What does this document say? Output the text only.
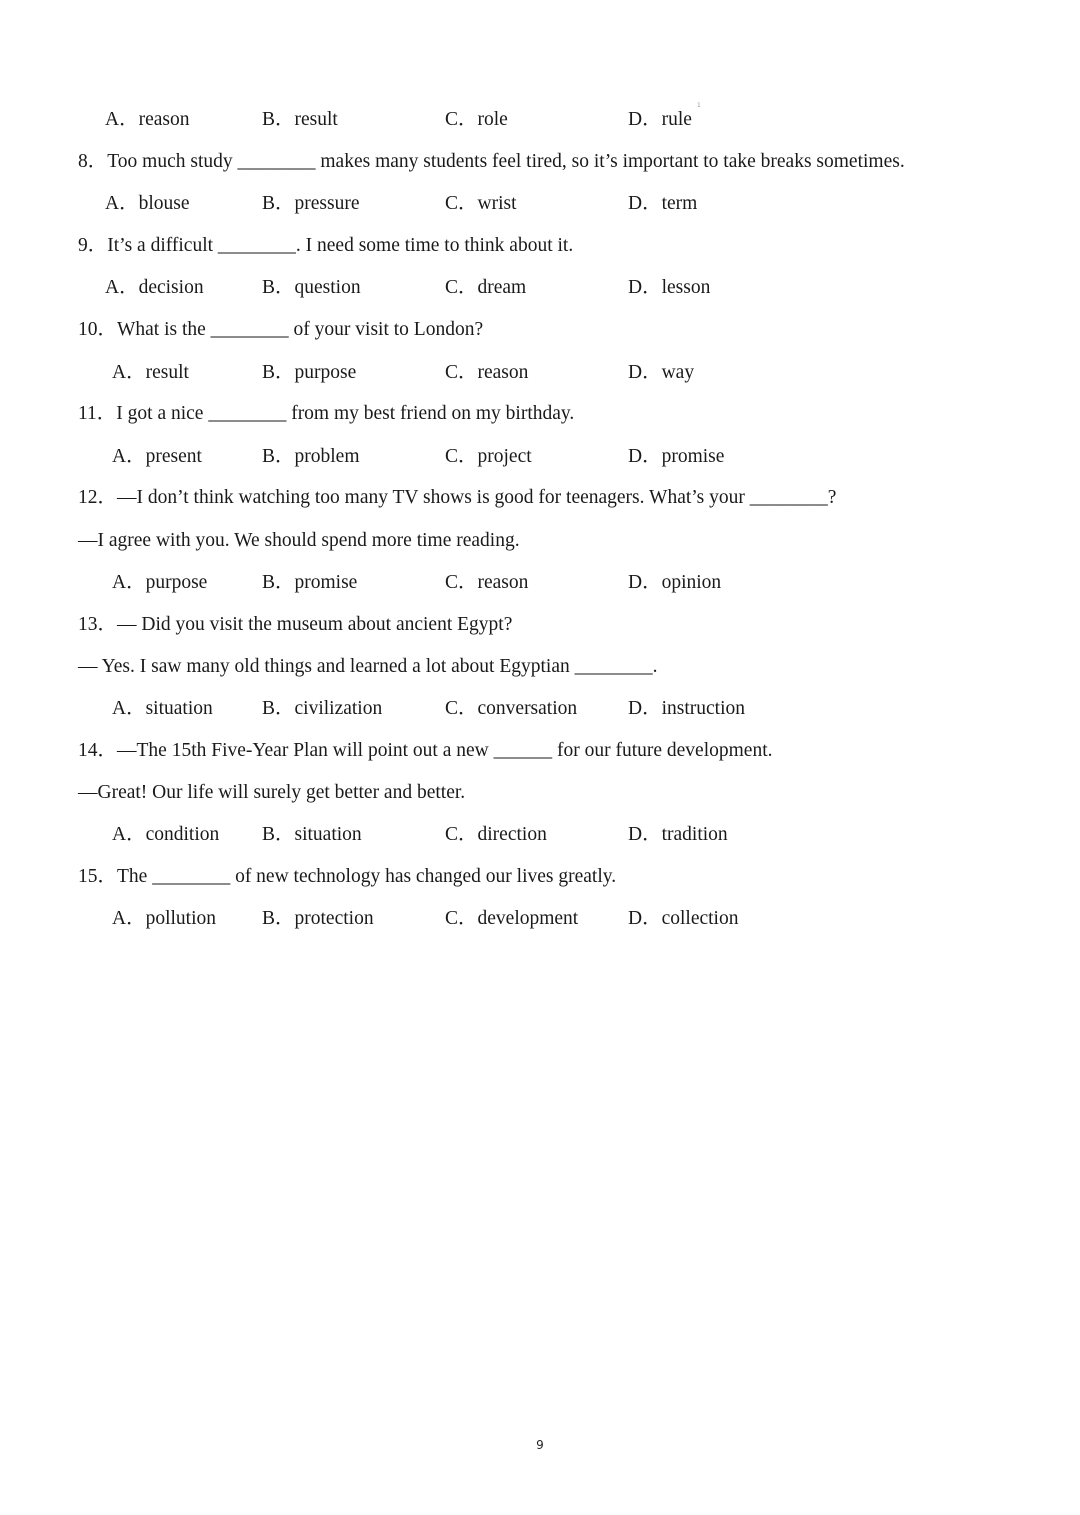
A．reason

	B．result

	C．role

	D．rule

1

8．Too much study ________ makes many students feel tired, so it’s important to take breaks sometimes.

A．blouse

	B．pressure

	C．wrist

	D．term

9．It’s a difficult ________. I need some time to think about it.

A．decision

	B．question

	C．dream

	D．lesson

10．What is the ________ of your visit to London?

A．result

	B．purpose

	C．reason

	D．way

11．I got a nice ________ from my best friend on my birthday.

A．present

	B．problem

	C．project

	D．promise

12．—I don’t think watching too many TV shows is good for teenagers. What’s your ________?

—I agree with you. We should spend more time reading.

A．purpose

	B．promise

	C．reason

	D．opinion

13．— Did you visit the museum about ancient Egypt?

— Yes. I saw many old things and learned a lot about Egyptian ________.

A．situation

	B．civilization

	C．conversation

	D．instruction

14．—The 15th Five-Year Plan will point out a new ______ for our future development.

—Great! Our life will surely get better and better.

A．condition

B．situation

	C．direction

	D．tradition

15．The ________ of new technology has changed our lives greatly.

A．pollution

B．protection

	C．development

	D．collection

9
